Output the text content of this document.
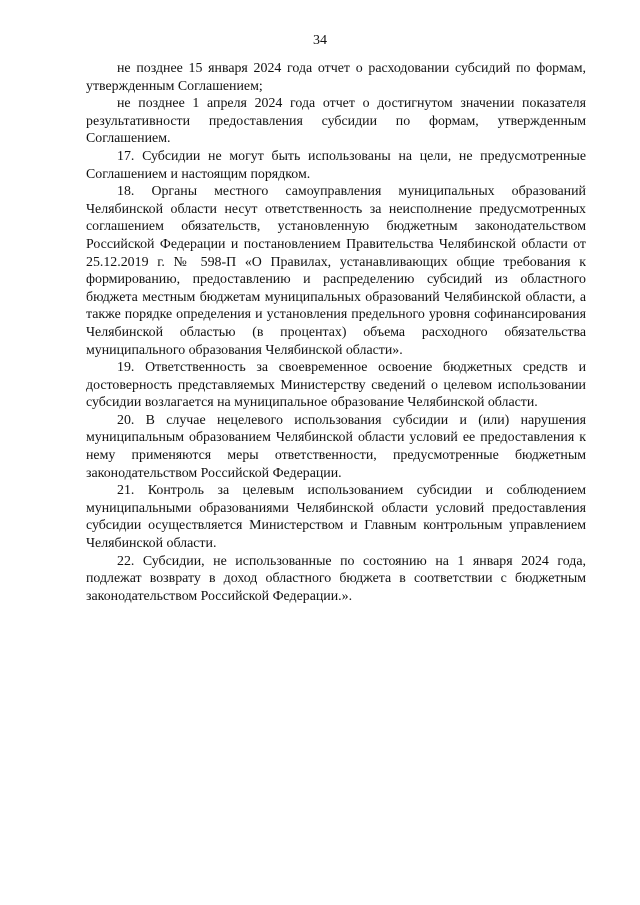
34

не позднее 15 января 2024 года отчет о расходовании субсидий по формам, утвержденным Соглашением;

не позднее 1 апреля 2024 года отчет о достигнутом значении показателя результативности предоставления субсидии по формам, утвержденным Соглашением.

17. Субсидии не могут быть использованы на цели, не предусмотренные Соглашением и настоящим порядком.

18. Органы местного самоуправления муниципальных образований Челябинской области несут ответственность за неисполнение предусмотренных соглашением обязательств, установленную бюджетным законодательством Российской Федерации и постановлением Правительства Челябинской области от 25.12.2019 г. № 598-П «О Правилах, устанавливающих общие требования к формированию, предоставлению и распределению субсидий из областного бюджета местным бюджетам муниципальных образований Челябинской области, а также порядке определения и установления предельного уровня софинансирования Челябинской областью (в процентах) объема расходного обязательства муниципального образования Челябинской области».

19. Ответственность за своевременное освоение бюджетных средств и достоверность представляемых Министерству сведений о целевом использовании субсидии возлагается на муниципальное образование Челябинской области.

20. В случае нецелевого использования субсидии и (или) нарушения муниципальным образованием Челябинской области условий ее предоставления к нему применяются меры ответственности, предусмотренные бюджетным законодательством Российской Федерации.

21. Контроль за целевым использованием субсидии и соблюдением муниципальными образованиями Челябинской области условий предоставления субсидии осуществляется Министерством и Главным контрольным управлением Челябинской области.

22. Субсидии, не использованные по состоянию на 1 января 2024 года, подлежат возврату в доход областного бюджета в соответствии с бюджетным законодательством Российской Федерации.».
